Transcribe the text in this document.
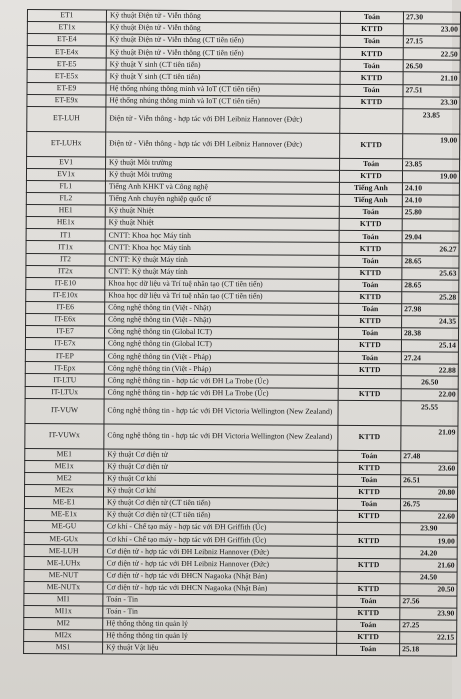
ET1	Kỹ thuật Điện tử - Viễn thông	Toán	27.30
ET1x	Kỹ thuật Điện tử - Viễn thông	KTTD	23.00
ET-E4	Kỹ thuật Điện tử - Viễn thông (CT tiên tiến)	Toán	27.15
ET-E4x	Kỹ thuật Điện tử - Viễn thông (CT tiên tiến)	KTTD	22.50
ET-E5	Kỹ thuật Y sinh (CT tiên tiến)	Toán	26.50
ET-E5x	Kỹ thuật Y sinh (CT tiên tiến)	KTTD	21.10
ET-E9	Hệ thống nhúng thông minh và IoT (CT tiên tiến)	Toán	27.51
ET-E9x	Hệ thống nhúng thông minh và IoT (CT tiên tiến)	KTTD	23.30
ET-LUH	Điện tử - Viễn thông - hợp tác với ĐH Leibniz Hannover (Đức)		23.85
ET-LUHx	Điện tử - Viễn thông - hợp tác với ĐH Leibniz Hannover (Đức)	KTTD	19.00
EV1	Kỹ thuật Môi trường	Toán	23.85
EV1x	Kỹ thuật Môi trường	KTTD	19.00
FL1	Tiếng Anh KHKT và Công nghệ	Tiếng Anh	24.10
FL2	Tiếng Anh chuyên nghiệp quốc tế	Tiếng Anh	24.10
HE1	Kỹ thuật Nhiệt	Toán	25.80
HE1x	Kỹ thuật Nhiệt	KTTD	
IT1	CNTT: Khoa học Máy tính	Toán	29.04
IT1x	CNTT: Khoa học Máy tính	KTTD	26.27
IT2	CNTT: Kỹ thuật Máy tính	Toán	28.65
IT2x	CNTT: Kỹ thuật Máy tính	KTTD	25.63
IT-E10	Khoa học dữ liệu và Trí tuệ nhân tạo (CT tiên tiến)	Toán	28.65
IT-E10x	Khoa học dữ liệu và Trí tuệ nhân tạo (CT tiên tiến)	KTTD	25.28
IT-E6	Công nghệ thông tin (Việt - Nhật)	Toán	27.98
IT-E6x	Công nghệ thông tin (Việt - Nhật)	KTTD	24.35
IT-E7	Công nghệ thông tin (Global ICT)	Toán	28.38
IT-E7x	Công nghệ thông tin (Global ICT)	KTTD	25.14
IT-EP	Công nghệ thông tin (Việt - Pháp)	Toán	27.24
IT-Epx	Công nghệ thông tin (Việt - Pháp)	KTTD	22.88
IT-LTU	Công nghệ thông tin - hợp tác với ĐH La Trobe (Úc)		26.50
IT-LTUx	Công nghệ thông tin - hợp tác với ĐH La Trobe (Úc)	KTTD	22.00
IT-VUW	Công nghệ thông tin - hợp tác với ĐH Victoria Wellington (New Zealand)		25.55
IT-VUWx	Công nghệ thông tin - hợp tác với ĐH Victoria Wellington (New Zealand)	KTTD	21.09
ME1	Kỹ thuật Cơ điện tử	Toán	27.48
ME1x	Kỹ thuật Cơ điện tử	KTTD	23.60
ME2	Kỹ thuật Cơ khí	Toán	26.51
ME2x	Kỹ thuật Cơ khí	KTTD	20.80
ME-E1	Kỹ thuật Cơ điện tử (CT tiên tiến)	Toán	26.75
ME-E1x	Kỹ thuật Cơ điện tử (CT tiên tiến)	KTTD	22.60
ME-GU	Cơ khí - Chế tạo máy - hợp tác với ĐH Griffith (Úc)		23.90
ME-GUx	Cơ khí - Chế tạo máy - hợp tác với ĐH Griffith (Úc)	KTTD	19.00
ME-LUH	Cơ điện tử - hợp tác với ĐH Leibniz Hannover (Đức)		24.20
ME-LUHx	Cơ điện tử - hợp tác với ĐH Leibniz Hannover (Đức)	KTTD	21.60
ME-NUT	Cơ điện tử - hợp tác với ĐHCN Nagaoka (Nhật Bản)		24.50
ME-NUTx	Cơ điện tử - hợp tác với ĐHCN Nagaoka (Nhật Bản)	KTTD	20.50
MI1	Toán - Tin	Toán	27.56
MI1x	Toán - Tin	KTTD	23.90
MI2	Hệ thống thông tin quản lý	Toán	27.25
MI2x	Hệ thống thông tin quản lý	KTTD	22.15
MS1	Kỹ thuật Vật liệu	Toán	25.18
